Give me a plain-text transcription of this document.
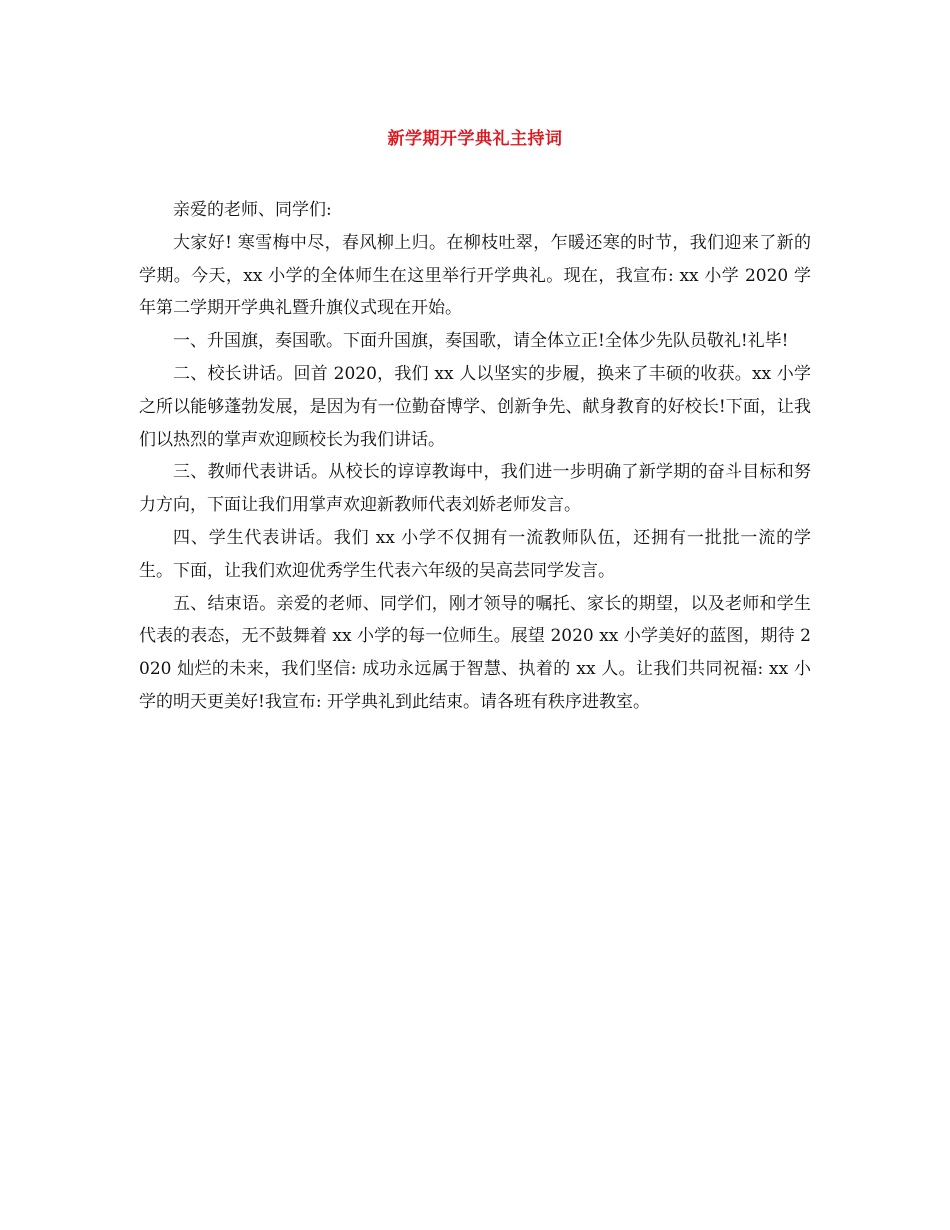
新学期开学典礼主持词

亲爱的老师、同学们:

大家好! 寒雪梅中尽，春风柳上归。在柳枝吐翠，乍暖还寒的时节，我们迎来了新的学期。今天，xx 小学的全体师生在这里举行开学典礼。现在，我宣布: xx 小学 2020 学年第二学期开学典礼暨升旗仪式现在开始。

一、升国旗，奏国歌。下面升国旗，奏国歌，请全体立正!全体少先队员敬礼!礼毕!

二、校长讲话。回首 2020，我们 xx 人以坚实的步履，换来了丰硕的收获。xx 小学之所以能够蓬勃发展，是因为有一位勤奋博学、创新争先、献身教育的好校长!下面，让我们以热烈的掌声欢迎顾校长为我们讲话。

三、教师代表讲话。从校长的谆谆教诲中，我们进一步明确了新学期的奋斗目标和努力方向，下面让我们用掌声欢迎新教师代表刘娇老师发言。

四、学生代表讲话。我们 xx 小学不仅拥有一流教师队伍，还拥有一批批一流的学生。下面，让我们欢迎优秀学生代表六年级的吴高芸同学发言。

五、结束语。亲爱的老师、同学们，刚才领导的嘱托、家长的期望，以及老师和学生代表的表态，无不鼓舞着 xx 小学的每一位师生。展望 2020 xx 小学美好的蓝图，期待 2020 灿烂的未来，我们坚信: 成功永远属于智慧、执着的 xx 人。让我们共同祝福: xx 小学的明天更美好!我宣布: 开学典礼到此结束。请各班有秩序进教室。
